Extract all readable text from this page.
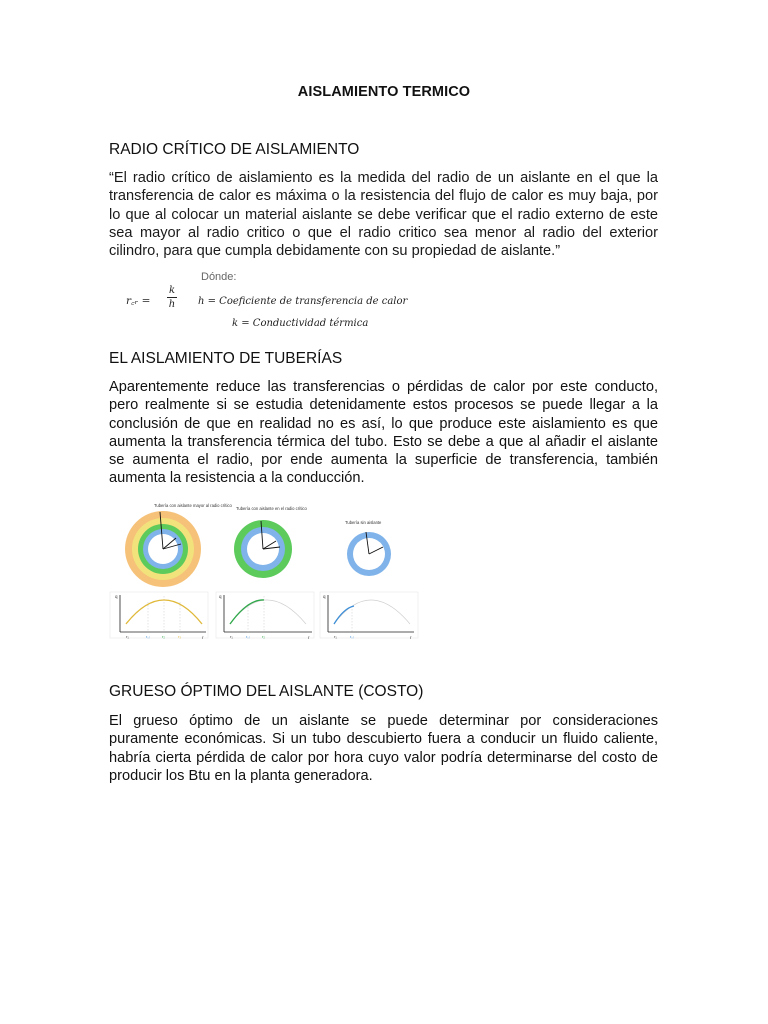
AISLAMIENTO TERMICO
RADIO CRÍTICO DE AISLAMIENTO
“El radio crítico de aislamiento es la medida del radio de un aislante en el que la transferencia de calor es máxima o la resistencia del flujo de calor es muy baja, por lo que al colocar un material aislante se debe verificar que el radio externo de este sea mayor al radio critico o que el radio critico sea menor al radio del exterior cilindro, para que cumpla debidamente con su propiedad de aislante.”
Dónde:
r꜀ᵣ =
k
h h = Coeficiente de transferencia de calor
k = Conductividad térmica
EL AISLAMIENTO DE TUBERÍAS
Aparentemente reduce las transferencias o pérdidas de calor por este conducto, pero realmente si se estudia detenidamente estos procesos se puede llegar a la conclusión de que en realidad no es así, lo que produce este aislamiento es que aumenta la transferencia térmica del tubo. Esto se debe a que al añadir el aislante se aumenta el radio, por ende aumenta la superficie de transferencia, también aumenta la resistencia a la conducción.
Tubería con aislante mayor al radio crítico
Tubería con aislante en el radio crítico
Tubería sin aislante
q
r
r₁	r꜀ᵣ	r₂	r₃
q
r
r₁	r꜀ᵣ	r₂
q
r
r₁	r꜀ᵣ
GRUESO ÓPTIMO DEL AISLANTE (COSTO)
El grueso óptimo de un aislante se puede determinar por consideraciones puramente económicas. Si un tubo descubierto fuera a conducir un fluido caliente, habría cierta pérdida de calor por hora cuyo valor podría determinarse del costo de producir los Btu en la planta generadora.
